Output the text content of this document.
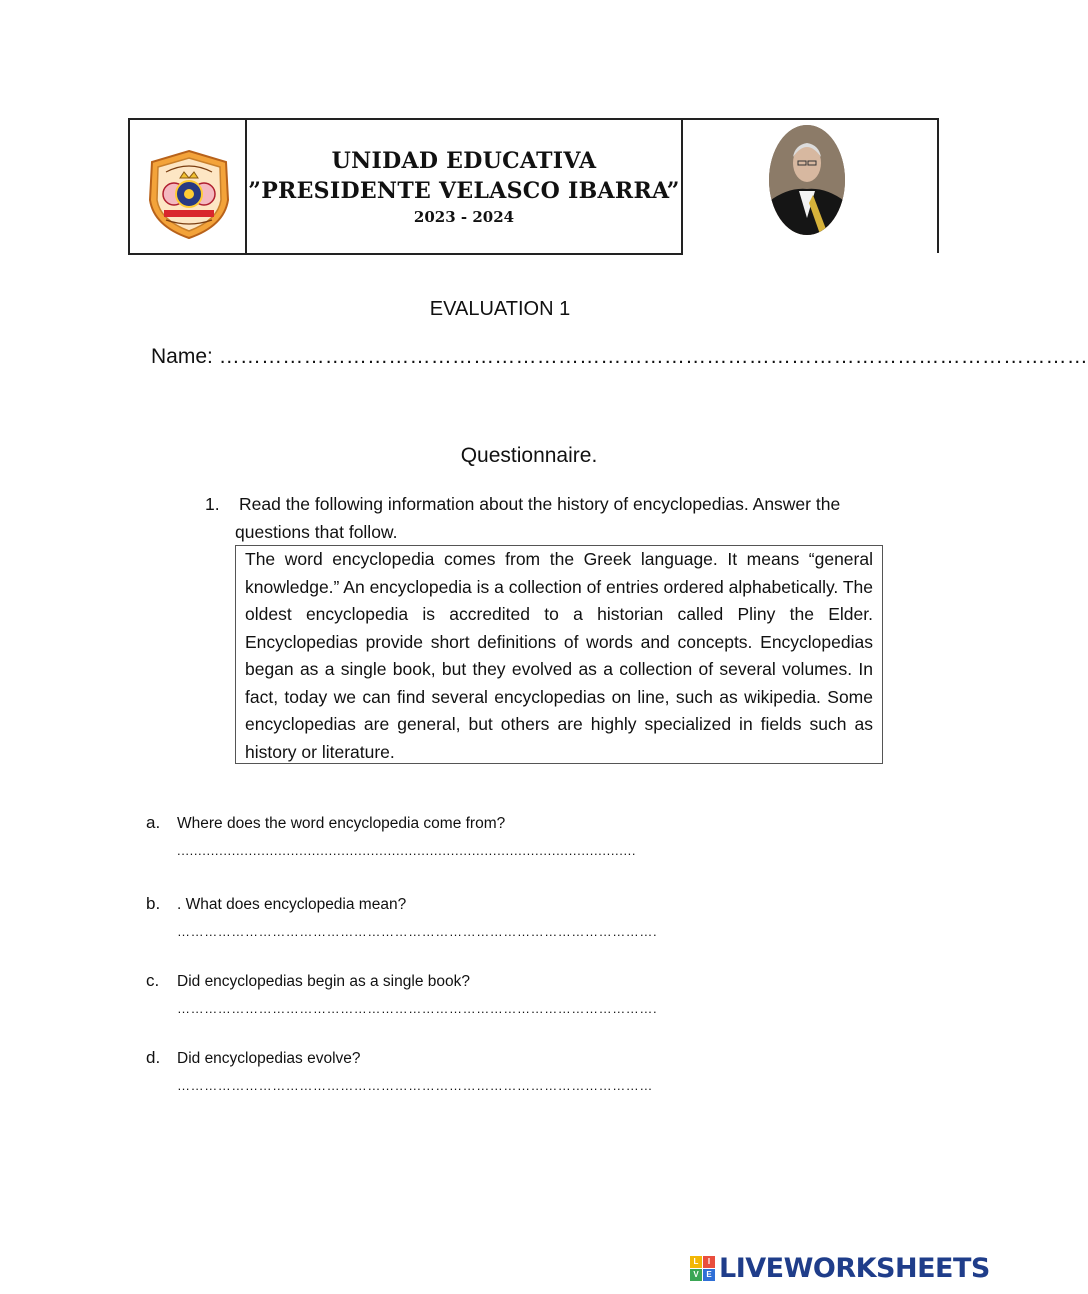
UNIDAD EDUCATIVA
”PRESIDENTE VELASCO IBARRA”
2023 - 2024
EVALUATION 1
Name: ……………………………………………………………………………………………………………
Questionnaire.
1. Read the following information about the history of encyclopedias. Answer the questions that follow.
The word encyclopedia comes from the Greek language. It means “general knowledge.” An encyclopedia is a collection of entries ordered alphabetically. The oldest encyclopedia is accredited to a historian called Pliny the Elder. Encyclopedias provide short definitions of words and concepts. Encyclopedias began as a single book, but they evolved as a collection of several volumes. In fact, today we can find several encyclopedias on line, such as wikipedia. Some encyclopedias are general, but others are highly specialized in fields such as history or literature.
a. Where does the word encyclopedia come from?
.............................................................................................................
b. . What does encyclopedia mean?
…………………………………………………………………………………………….
c. Did encyclopedias begin as a single book?
…………………………………………………………………………………………….
d. Did encyclopedias evolve?
……………………………………………………………………………………………
L	I
V E LIVEWORKSHEETS
